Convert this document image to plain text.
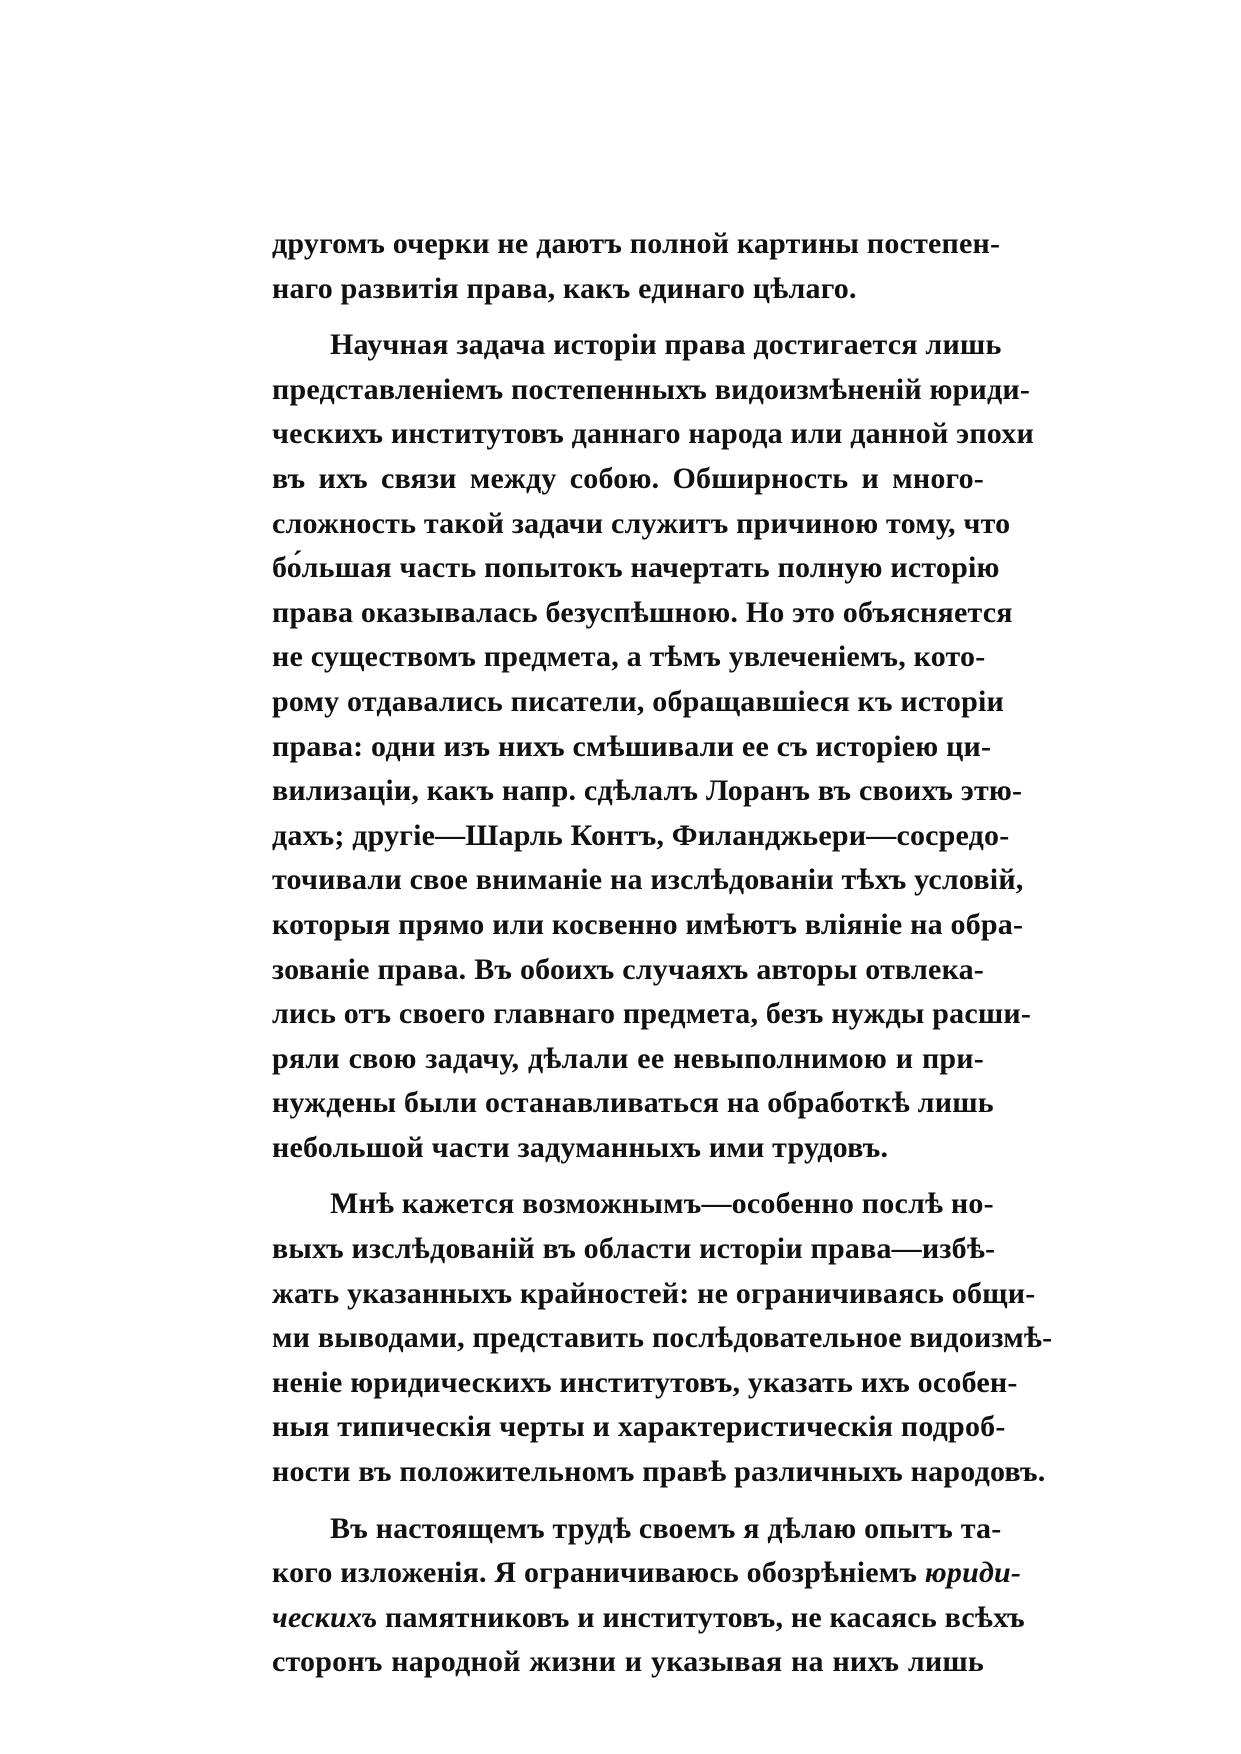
другомъ очерки не даютъ полной картины постепен-
наго развитія права, какъ единаго цѣлаго.
Научная задача исторіи права достигается лишь
представленіемъ постепенныхъ видоизмѣненій юриди-
ческихъ институтовъ даннаго народа или данной эпохи
въ ихъ связи между собою. Обширность и много-
сложность такой задачи служитъ причиною тому, что
бо́льшая часть попытокъ начертать полную исторію
права оказывалась безуспѣшною. Но это объясняется
не существомъ предмета, а тѣмъ увлеченіемъ, кото-
рому отдавались писатели, обращавшіеся къ исторіи
права: одни изъ нихъ смѣшивали ее съ исторіею ци-
вилизаціи, какъ напр. сдѣлалъ Лоранъ въ своихъ этю-
дахъ; другіе—Шарль Контъ, Филанджьери—сосредо-
точивали свое вниманіе на изслѣдованіи тѣхъ условій,
которыя прямо или косвенно имѣютъ вліяніе на обра-
зованіе права. Въ обоихъ случаяхъ авторы отвлека-
лись отъ своего главнаго предмета, безъ нужды расши-
ряли свою задачу, дѣлали ее невыполнимою и при-
нуждены были останавливаться на обработкѣ лишь
небольшой части задуманныхъ ими трудовъ.
Мнѣ кажется возможнымъ—особенно послѣ но-
выхъ изслѣдованій въ области исторіи права—избѣ-
жать указанныхъ крайностей: не ограничиваясь общи-
ми выводами, представить послѣдовательное видоизмѣ-
неніе юридическихъ институтовъ, указать ихъ особен-
ныя типическія черты и характеристическія подроб-
ности въ положительномъ правѣ различныхъ народовъ.
Въ настоящемъ трудѣ своемъ я дѣлаю опытъ та-
кого изложенія. Я ограничиваюсь обозрѣніемъ юриди-
ческихъ памятниковъ и институтовъ, не касаясь всѣхъ
сторонъ народной жизни и указывая на нихъ лишь
